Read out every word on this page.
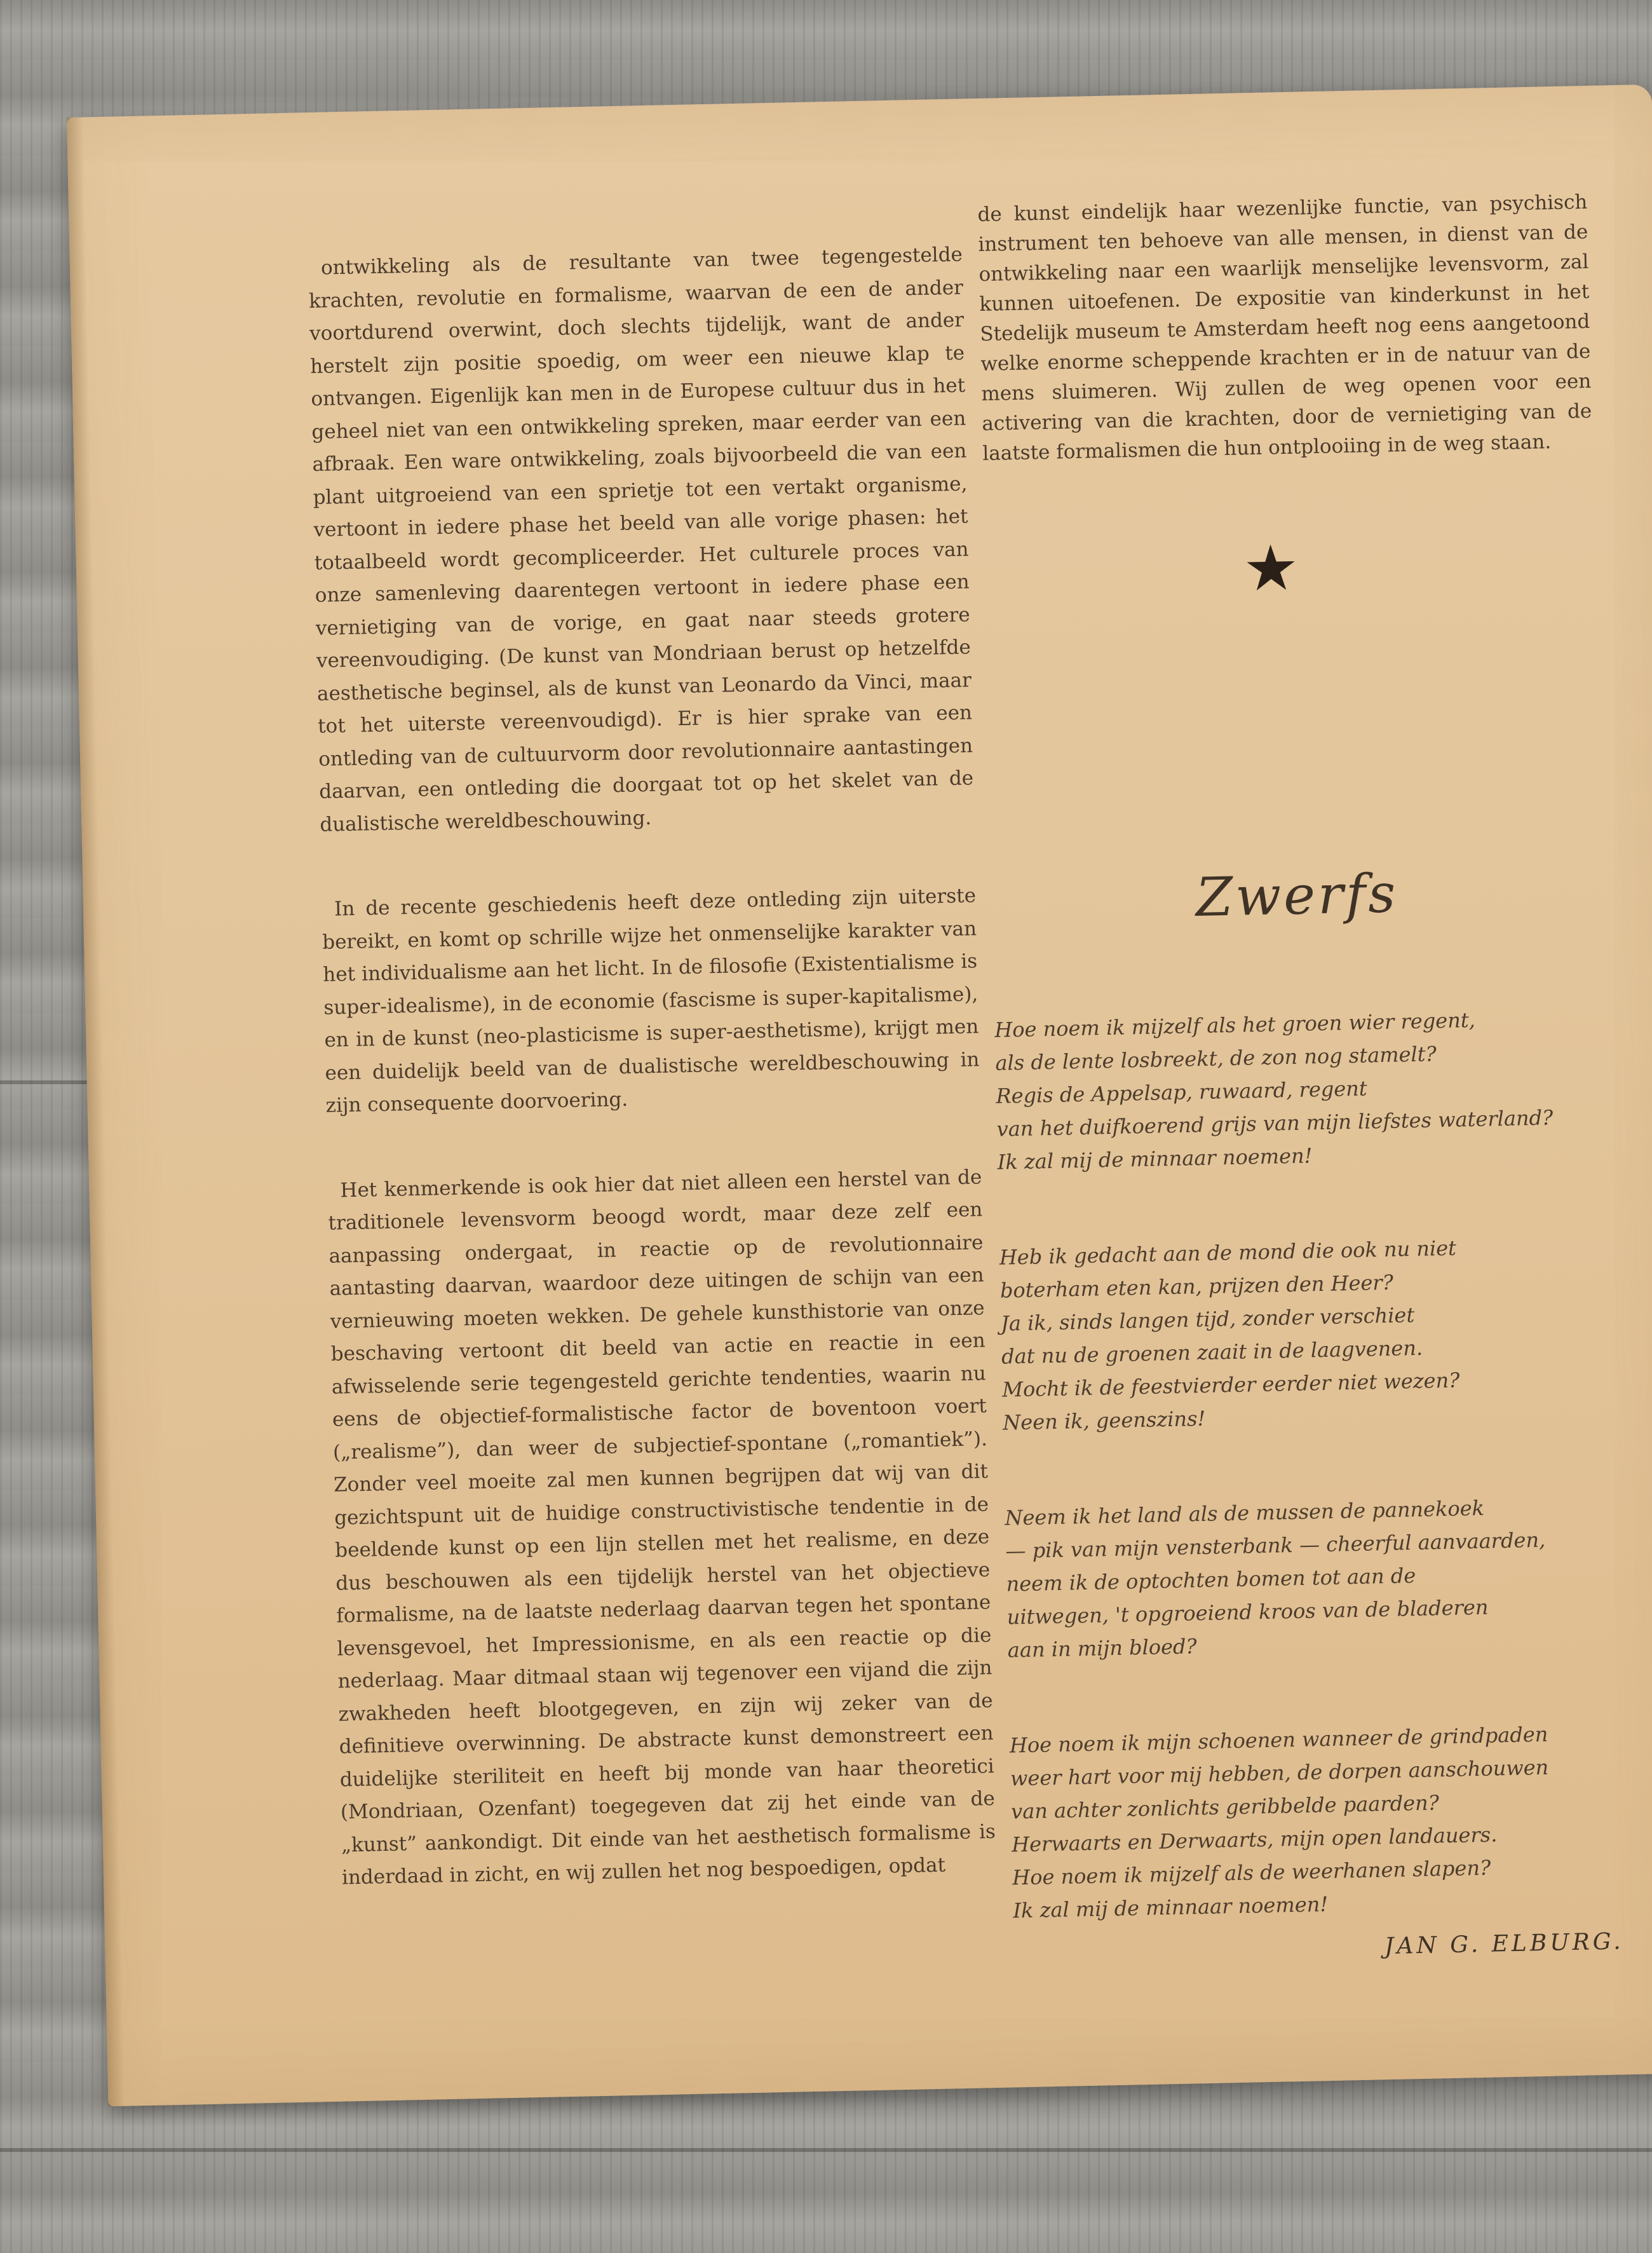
ontwikkeling als de resultante van twee tegengestelde krachten, revolutie en formalisme, waarvan de een de ander voortdurend overwint, doch slechts tijdelijk, want de ander herstelt zijn positie spoedig, om weer een nieuwe klap te ontvangen. Eigenlijk kan men in de Europese cultuur dus in het geheel niet van een ontwikkeling spreken, maar eerder van een afbraak. Een ware ontwikkeling, zoals bijvoorbeeld die van een plant uitgroeiend van een sprietje tot een vertakt organisme, vertoont in iedere phase het beeld van alle vorige phasen: het totaalbeeld wordt gecompliceerder. Het culturele proces van onze samenleving daarentegen vertoont in iedere phase een vernietiging van de vorige, en gaat naar steeds grotere vereenvoudiging. (De kunst van Mondriaan berust op hetzelfde aesthetische beginsel, als de kunst van Leonardo da Vinci, maar tot het uiterste vereenvoudigd). Er is hier sprake van een ontleding van de cultuurvorm door revolutionnaire aantastingen daarvan, een ontleding die doorgaat tot op het skelet van de dualistische wereldbeschouwing.

In de recente geschiedenis heeft deze ontleding zijn uiterste bereikt, en komt op schrille wijze het onmenselijke karakter van het individualisme aan het licht. In de filosofie (Existentialisme is super-idealisme), in de economie (fascisme is super-kapitalisme), en in de kunst (neo-plasticisme is super-aesthetisme), krijgt men een duidelijk beeld van de dualistische wereldbeschouwing in zijn consequente doorvoering.

Het kenmerkende is ook hier dat niet alleen een herstel van de traditionele levensvorm beoogd wordt, maar deze zelf een aanpassing ondergaat, in reactie op de revolutionnaire aantasting daarvan, waardoor deze uitingen de schijn van een vernieuwing moeten wekken. De gehele kunsthistorie van onze beschaving vertoont dit beeld van actie en reactie in een afwisselende serie tegengesteld gerichte tendenties, waarin nu eens de objectief-formalistische factor de boventoon voert („realisme”), dan weer de subjectief-spontane („romantiek”). Zonder veel moeite zal men kunnen begrijpen dat wij van dit gezichtspunt uit de huidige constructivistische tendentie in de beeldende kunst op een lijn stellen met het realisme, en deze dus beschouwen als een tijdelijk herstel van het objectieve formalisme, na de laatste nederlaag daarvan tegen het spontane levensgevoel, het Impressionisme, en als een reactie op die nederlaag. Maar ditmaal staan wij tegenover een vijand die zijn zwakheden heeft blootgegeven, en zijn wij zeker van de definitieve overwinning. De abstracte kunst demonstreert een duidelijke steriliteit en heeft bij monde van haar theoretici (Mondriaan, Ozenfant) toegegeven dat zij het einde van de „kunst” aankondigt. Dit einde van het aesthetisch formalisme is inderdaad in zicht, en wij zullen het nog bespoedigen, opdat

de kunst eindelijk haar wezenlijke functie, van psychisch instrument ten behoeve van alle mensen, in dienst van de ontwikkeling naar een waarlijk menselijke levensvorm, zal kunnen uitoefenen. De expositie van kinderkunst in het Stedelijk museum te Amsterdam heeft nog eens aangetoond welke enorme scheppende krachten er in de natuur van de mens sluimeren. Wij zullen de weg openen voor een activering van die krachten, door de vernietiging van de laatste formalismen die hun ontplooiing in de weg staan.

Zwerfs
Hoe noem ik mijzelf als het groen wier regent,
als de lente losbreekt, de zon nog stamelt?
Regis de Appelsap, ruwaard, regent
van het duifkoerend grijs van mijn liefstes waterland?
Ik zal mij de minnaar noemen!
Heb ik gedacht aan de mond die ook nu niet
boterham eten kan, prijzen den Heer?
Ja ik, sinds langen tijd, zonder verschiet
dat nu de groenen zaait in de laagvenen.
Mocht ik de feestvierder eerder niet wezen?
Neen ik, geenszins!
Neem ik het land als de mussen de pannekoek
— pik van mijn vensterbank — cheerful aanvaarden,
neem ik de optochten bomen tot aan de
uitwegen, 't opgroeiend kroos van de bladeren
aan in mijn bloed?
Hoe noem ik mijn schoenen wanneer de grindpaden
weer hart voor mij hebben, de dorpen aanschouwen
van achter zonlichts geribbelde paarden?
Herwaarts en Derwaarts, mijn open landauers.
Hoe noem ik mijzelf als de weerhanen slapen?
Ik zal mij de minnaar noemen!
JAN G. ELBURG.
